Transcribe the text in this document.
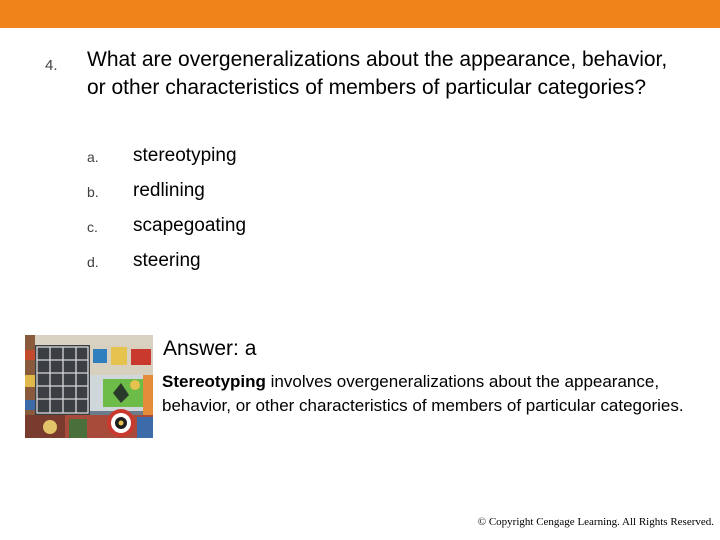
4. What are overgeneralizations about the appearance, behavior, or other characteristics of members of particular categories?
a. stereotyping
b. redlining
c. scapegoating
d. steering
Answer: a
Stereotyping involves overgeneralizations about the appearance, behavior, or other characteristics of members of particular categories.
© Copyright Cengage Learning. All Rights Reserved.
